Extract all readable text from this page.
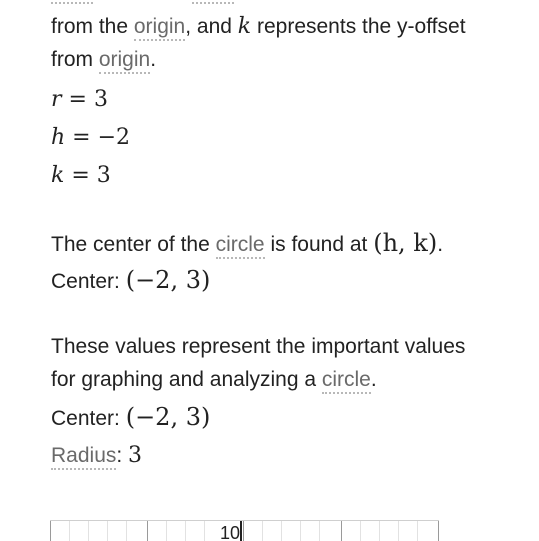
from the origin, and k represents the y-offset
from origin.
r = 3
h = −2
k = 3
The center of the circle is found at (h, k).
Center: (−2, 3)
These values represent the important values
for graphing and analyzing a circle.
Center: (−2, 3)
Radius: 3
10
